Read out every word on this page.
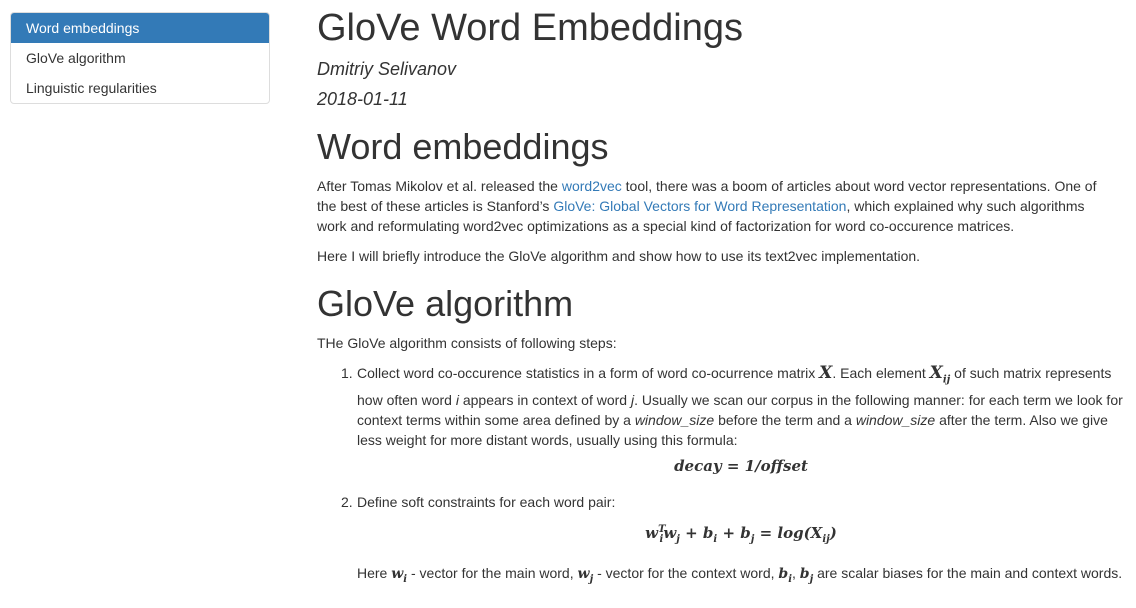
Word embeddings
GloVe algorithm
Linguistic regularities
GloVe Word Embeddings
Dmitriy Selivanov
2018-01-11
Word embeddings

After Tomas Mikolov et al. released the word2vec tool, there was a boom of articles about word vector representations. One of the best of these articles is Stanford’s GloVe: Global Vectors for Word Representation, which explained why such algorithms work and reformulating word2vec optimizations as a special kind of factorization for word co-occurence matrices.

Here I will briefly introduce the GloVe algorithm and show how to use its text2vec implementation.

GloVe algorithm

THe GloVe algorithm consists of following steps:

1. Collect word co-occurence statistics in a form of word co-ocurrence matrix X. Each element $X_{ij}$ of such matrix represents how often word i appears in context of word j. Usually we scan our corpus in the following manner: for each term we look for context terms within some area defined by a window_size before the term and a window_size after the term. Also we give less weight for more distant words, usually using this formula:
decay = 1/offset
2. Define soft constraints for each word pair:
$w^T_iw_j + b_i + b_j = \log(X_{ij})$
Here $w_i$ - vector for the main word, $w_j$ - vector for the context word, $b_i$, $b_j$ are scalar biases for the main and context words.
